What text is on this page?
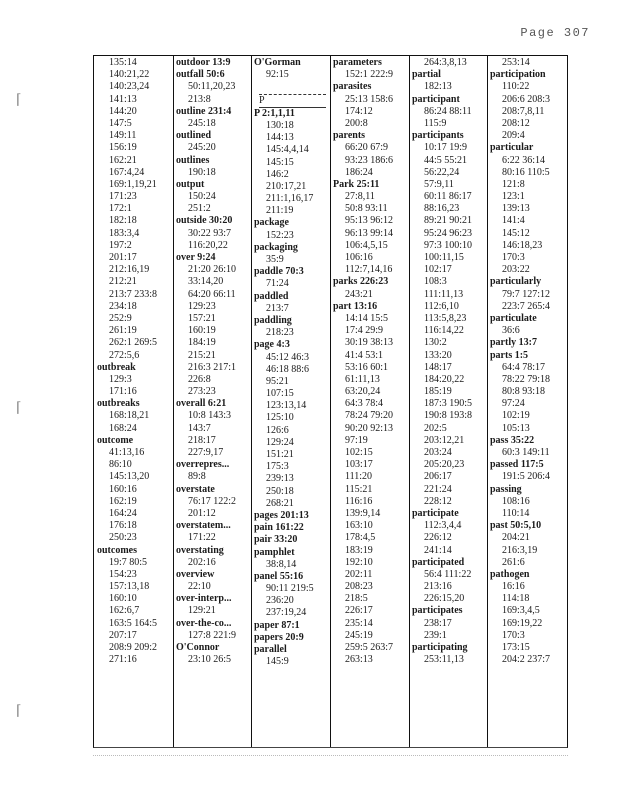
Page 307
⌈
⌈
⌈
135:14
140:21,22
140:23,24
141:13
144:20
147:5
149:11
156:19
162:21
167:4,24
169:1,19,21
171:23
172:1
182:18
183:3,4
197:2
201:17
212:16,19
212:21
213:7 233:8
234:18
252:9
261:19
262:1 269:5
272:5,6
outbreak
129:3
171:16
outbreaks
168:18,21
168:24
outcome
41:13,16
86:10
145:13,20
160:16
162:19
164:24
176:18
250:23
outcomes
19:7 80:5
154:23
157:13,18
160:10
162:6,7
163:5 164:5
207:17
208:9 209:2
271:16
outdoor 13:9
outfall 50:6
50:11,20,23
213:8
outline 231:4
245:18
outlined
245:20
outlines
190:18
output
150:24
251:2
outside 30:20
30:22 93:7
116:20,22
over 9:24
21:20 26:10
33:14,20
64:20 66:11
129:23
157:21
160:19
184:19
215:21
216:3 217:1
226:8
273:23
overall 6:21
10:8 143:3
143:7
218:17
227:9,17
overrepres...
89:8
overstate
76:17 122:2
201:12
overstatem...
171:22
overstating
202:16
overview
22:10
over-interp...
129:21
over-the-co...
127:8 221:9
O'Connor
23:10 26:5
O'Gorman
92:15
P
P 2:1,1,11
130:18
144:13
145:4,4,14
145:15
146:2
210:17,21
211:1,16,17
211:19
package
152:23
packaging
35:9
paddle 70:3
71:24
paddled
213:7
paddling
218:23
page 4:3
45:12 46:3
46:18 88:6
95:21
107:15
123:13,14
125:10
126:6
129:24
151:21
175:3
239:13
250:18
268:21
pages 201:13
pain 161:22
pair 33:20
pamphlet
38:8,14
panel 55:16
90:11 219:5
236:20
237:19,24
paper 87:1
papers 20:9
parallel
145:9
parameters
152:1 222:9
parasites
25:13 158:6
174:12
200:8
parents
66:20 67:9
93:23 186:6
186:24
Park 25:11
27:8,11
50:8 93:11
95:13 96:12
96:13 99:14
106:4,5,15
106:16
112:7,14,16
parks 226:23
243:21
part 13:16
14:14 15:5
17:4 29:9
30:19 38:13
41:4 53:1
53:16 60:1
61:11,13
63:20,24
64:3 78:4
78:24 79:20
90:20 92:13
97:19
102:15
103:17
111:20
115:21
116:16
139:9,14
163:10
178:4,5
183:19
192:10
202:11
208:23
218:5
226:17
235:14
245:19
259:5 263:7
263:13
264:3,8,13
partial
182:13
participant
86:24 88:11
115:9
participants
10:17 19:9
44:5 55:21
56:22,24
57:9,11
60:11 86:17
88:16,23
89:21 90:21
95:24 96:23
97:3 100:10
100:11,15
102:17
108:3
111:11,13
112:6,10
113:5,8,23
116:14,22
130:2
133:20
148:17
184:20,22
185:19
187:3 190:5
190:8 193:8
202:5
203:12,21
203:24
205:20,23
206:17
221:24
228:12
participate
112:3,4,4
226:12
241:14
participated
56:4 111:22
213:16
226:15,20
participates
238:17
239:1
participating
253:11,13
253:14
participation
110:22
206:6 208:3
208:7,8,11
208:12
209:4
particular
6:22 36:14
80:16 110:5
121:8
123:1
139:13
141:4
145:12
146:18,23
170:3
203:22
particularly
79:7 127:12
223:7 265:4
particulate
36:6
partly 13:7
parts 1:5
64:4 78:17
78:22 79:18
80:8 93:18
97:24
102:19
105:13
pass 35:22
60:3 149:11
passed 117:5
191:5 206:4
passing
108:16
110:14
past 50:5,10
204:21
216:3,19
261:6
pathogen
16:16
114:18
169:3,4,5
169:19,22
170:3
173:15
204:2 237:7
